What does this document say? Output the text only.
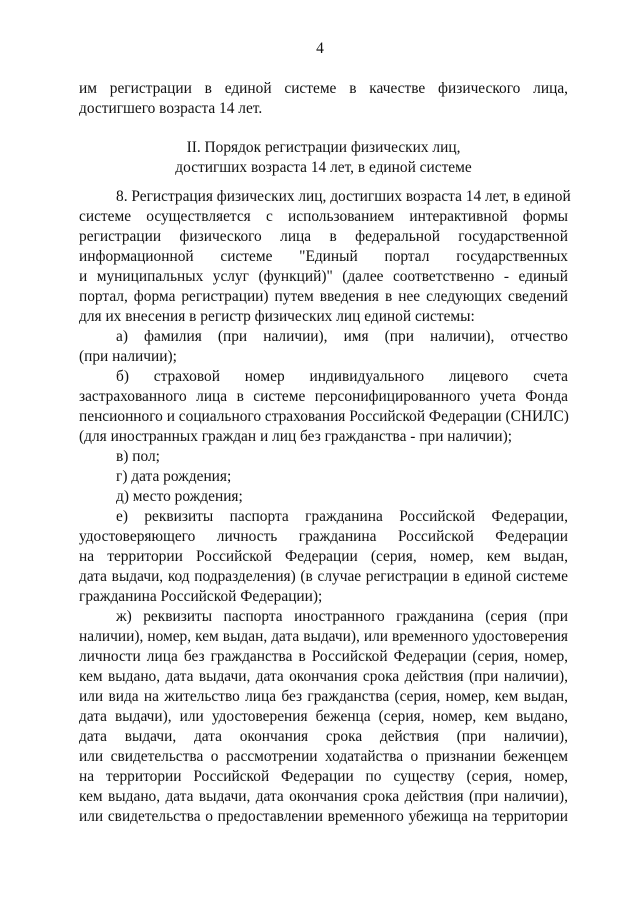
4
им регистрации в единой системе в качестве физического лица,
достигшего возраста 14 лет.
II. Порядок регистрации физических лиц,
достигших возраста 14 лет, в единой системе
8. Регистрация физических лиц, достигших возраста 14 лет, в единой
системе осуществляется с использованием интерактивной формы
регистрации физического лица в федеральной государственной
информационной системе "Единый портал государственных
и муниципальных услуг (функций)" (далее соответственно - единый
портал, форма регистрации) путем введения в нее следующих сведений
для их внесения в регистр физических лиц единой системы:
а) фамилия (при наличии), имя (при наличии), отчество
(при наличии);
б) страховой номер индивидуального лицевого счета
застрахованного лица в системе персонифицированного учета Фонда
пенсионного и социального страхования Российской Федерации (СНИЛС)
(для иностранных граждан и лиц без гражданства - при наличии);
в) пол;
г) дата рождения;
д) место рождения;
е) реквизиты паспорта гражданина Российской Федерации,
удостоверяющего личность гражданина Российской Федерации
на территории Российской Федерации (серия, номер, кем выдан,
дата выдачи, код подразделения) (в случае регистрации в единой системе
гражданина Российской Федерации);
ж) реквизиты паспорта иностранного гражданина (серия (при
наличии), номер, кем выдан, дата выдачи), или временного удостоверения
личности лица без гражданства в Российской Федерации (серия, номер,
кем выдано, дата выдачи, дата окончания срока действия (при наличии),
или вида на жительство лица без гражданства (серия, номер, кем выдан,
дата выдачи), или удостоверения беженца (серия, номер, кем выдано,
дата выдачи, дата окончания срока действия (при наличии),
или свидетельства о рассмотрении ходатайства о признании беженцем
на территории Российской Федерации по существу (серия, номер,
кем выдано, дата выдачи, дата окончания срока действия (при наличии),
или свидетельства о предоставлении временного убежища на территории
